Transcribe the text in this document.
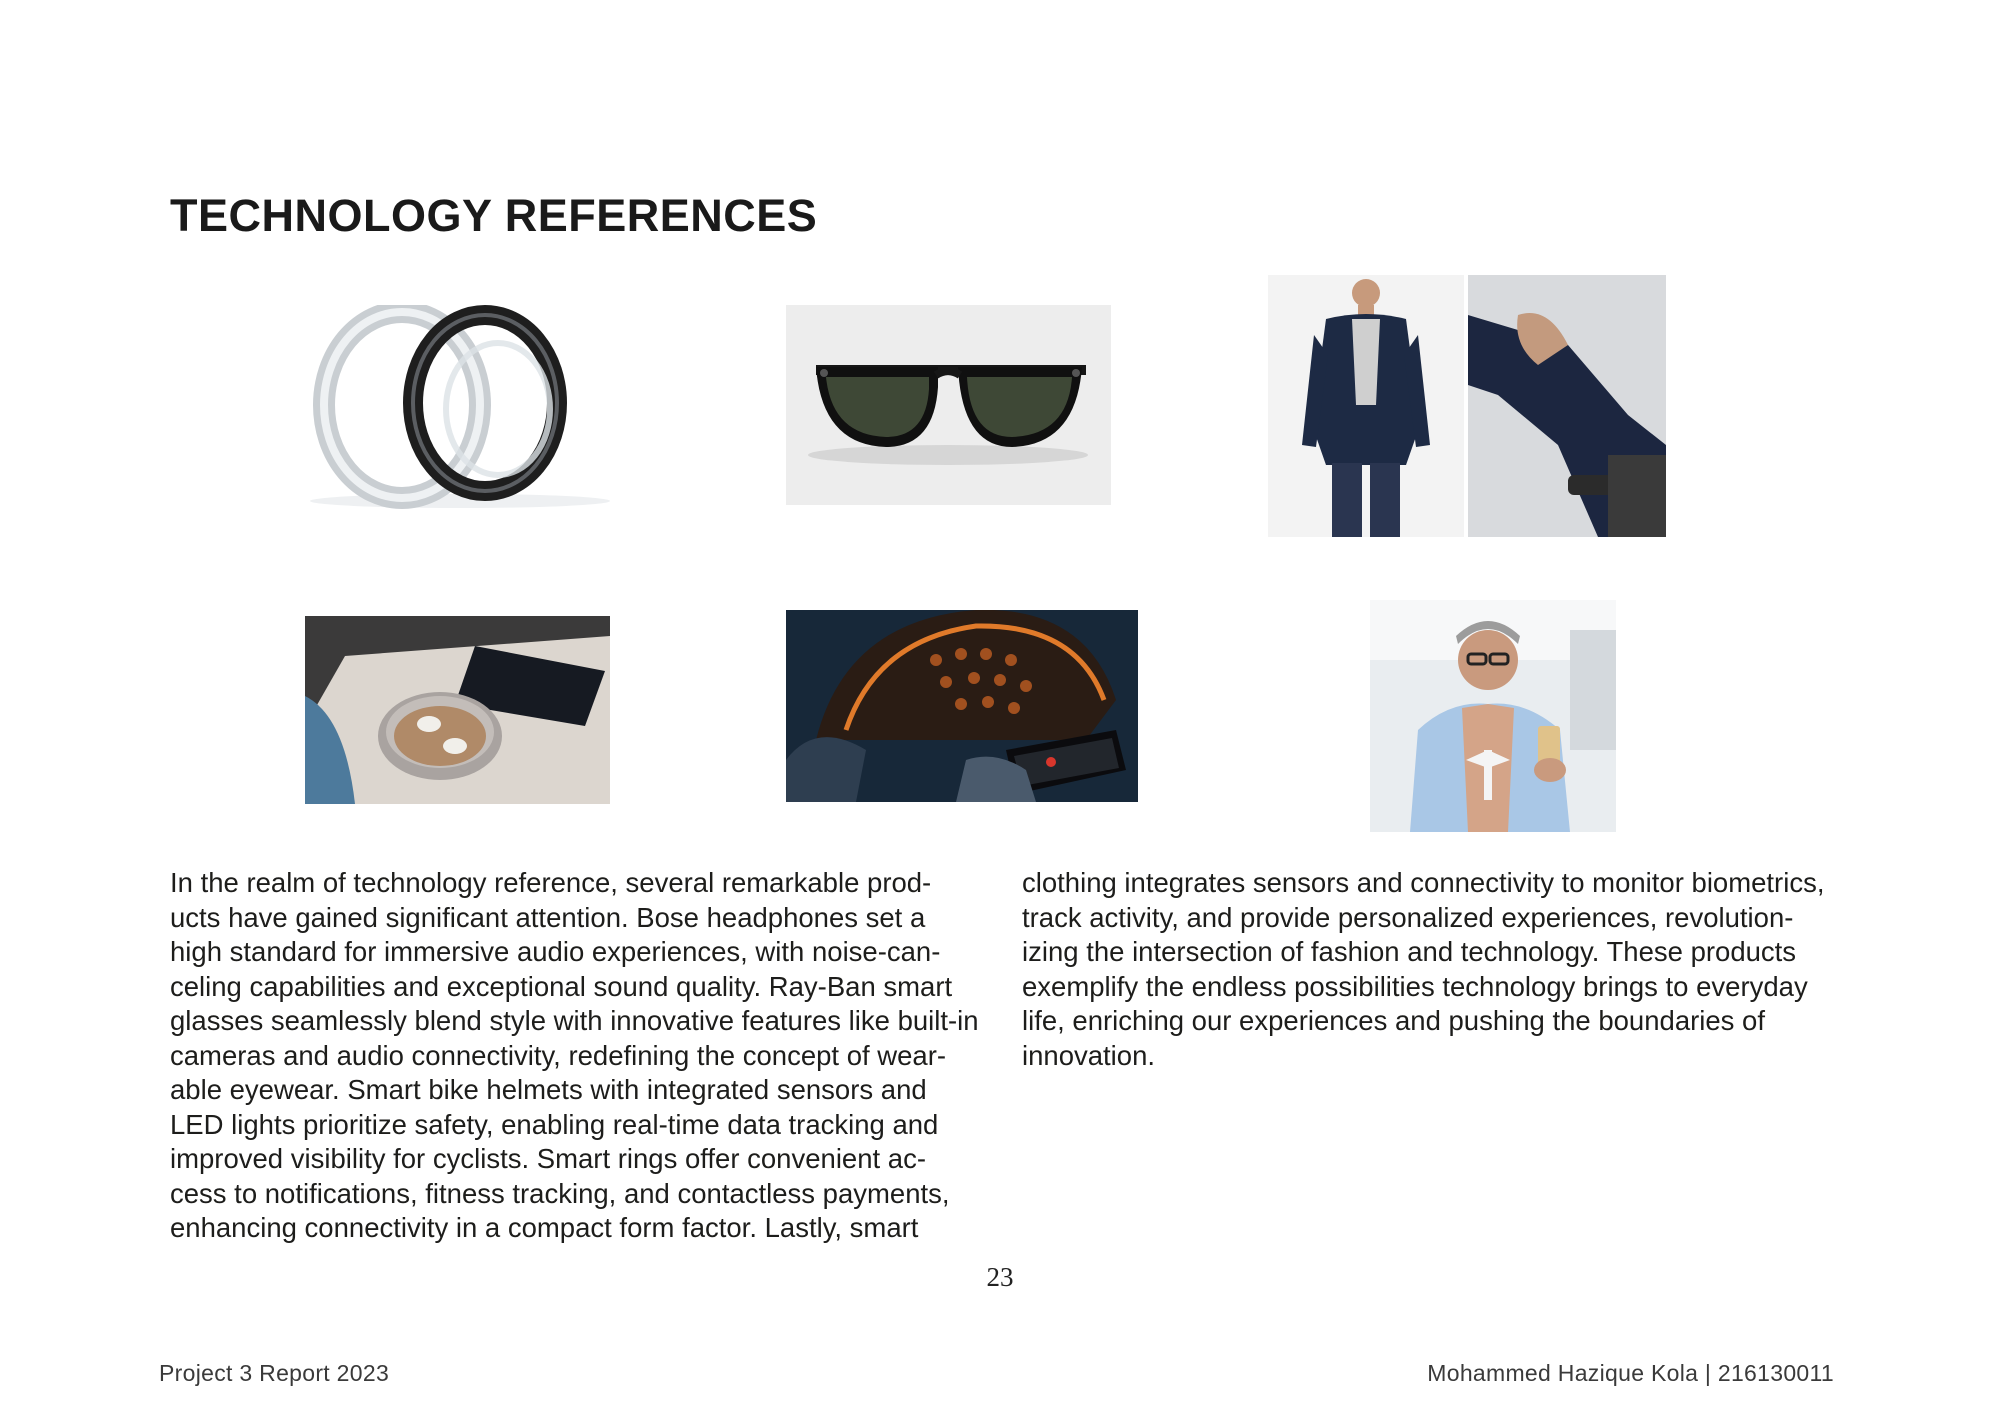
TECHNOLOGY REFERENCES
In the realm of technology reference, several remarkable prod-
ucts have gained significant attention. Bose headphones set a
high standard for immersive audio experiences, with noise-can-
celing capabilities and exceptional sound quality. Ray-Ban smart
glasses seamlessly blend style with innovative features like built-in
cameras and audio connectivity, redefining the concept of wear-
able eyewear. Smart bike helmets with integrated sensors and
LED lights prioritize safety, enabling real-time data tracking and
improved visibility for cyclists. Smart rings offer convenient ac-
cess to notifications, fitness tracking, and contactless payments,
enhancing connectivity in a compact form factor. Lastly, smart
clothing integrates sensors and connectivity to monitor biometrics,
track activity, and provide personalized experiences, revolution-
izing the intersection of fashion and technology. These products
exemplify the endless possibilities technology brings to everyday
life, enriching our experiences and pushing the boundaries of
innovation.
23
Project 3 Report 2023	Mohammed Hazique Kola | 216130011
